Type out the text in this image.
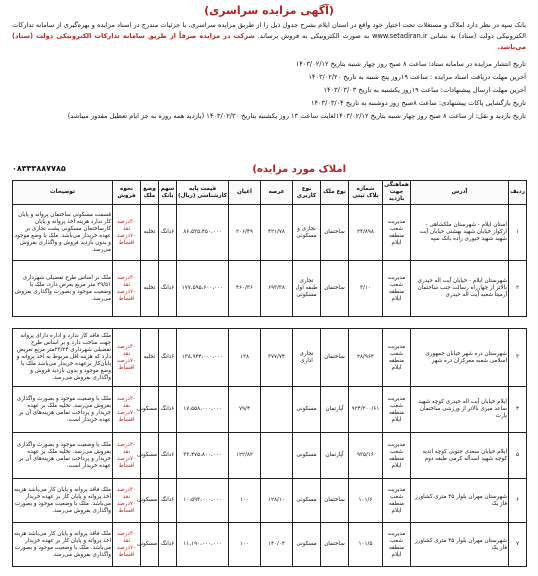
(آگهی مزایده سراسری)
بانک سپه در نظر دارد املاک و مستغلات تحت اختیار خود واقع در استان ایلام بشرح جدول ذیل را از طریق مزایده سراسری، با جزئیات مندرج در اسناد مزایده و بهره‌گیری از سامانه تدارکات الکترونیکی دولت (ستاد) به نشانی www.setadiran.ir به صورت الکترونیکی به فروش برساند. شرکت در مزایده صرفاً از طریق سامانه تدارکات الکترونیکی دولت (ستاد) می‌باشد.
تاریخ انتشار مزایده در سامانه ستاد: ساعت ۸ صبح روز چهار شنبه بتاریخ ۱۴۰۳/۰۲/۱۲
آخرین مهلت دریافت اسناد مزایده : ساعت ۱۹روز پنج شنبه به تاریخ ۱۴۰۳/۰۲/۲۰
آخرین مهلت ارسال پیشنهادات: ساعت ۱۹روز یکشنبه به تاریخ ۱۴۰۳/۰۳/۰۳
تاریخ بازگشایی پاکات پیشنهادی: ساعت ۸صبح روز دوشنبه به تاریخ ۱۴۰۳/۰۳/۰۴
تاریخ بازدید و نقل: از ساعت ۸ صبح روز چهار شنبه بتاریخ ۱۴۰۳/۰۲/۱۲لغایت ساعت ۱۳ روز یکشنبه بتاریخ ۱۴۰۳/۰۲/۳۰ (بازدید همه روزه به جز ایام تعطیل مقدور میباشد)
املاک مورد مزایده)
۰۸۳۳۳۸۸۷۷۸۵
ردیف	آدرس	هماهنگی جهت بازدید	شماره پلاک ثبتی	نوع ملک	نوع کاربری	عرصه	اعیان	قیمت پایه کارشناسی (ریال)	سهم بانک	وضع ملک	نحوه فروش	توضیحات
۱	استان ایلام - شهرستان ملکشاهی - ارکواز خیابان شهید بهشتی خیابان آیت شهید شهید خیوری زاده بانک سپه	مدیریت شعب منطقه ایلام	۲۴/۸۹۸	ساختمان	تجاری و مسکونی	۴۲۱/۷۸	۲۰۶/۴۹	۸۶،۵۳۵،۴۵۰،۰۰۰	۶دانگ	تخلیه	۳۰درصد نقد ۷۰درصد اقساط	قسمت مسکونی ساختمان پروانه و پایان کار ندارد هزینه اخذ پروانه و پایان کارساختمان مسکونی پشت تجاری بر عهده خریدار می‌باشد. ملک با وضع موجود و بدون بازدید فروش و واگذاری بفروش می‌رسد.
۲	شهرستان ایلام - خیابان آیت اله حیدری بالاتر از چهارراه رسالت جنب ساختمان آرمیتا شعبه آیت اله حیدری	مدیریت شعب منطقه ایلام	۳/۱۰	ساختمان	تجاری طبقه اول مسکونی	۶۹۳/۳۸	۴۶۰/۳۶	۱۷۷،۵۹۵،۶۰۰،۰۰۰	۶دانگ	تخلیه	۳۰درصد نقد ۷۰درصد اقساط	ملک بر اساس طرح تفضیلی شهرداری ۲۹/۵۱ متر مربع بعرض دارد، ملک با وضعیت موجود و بصورت واگذاری بفروش می‌رسد.
۳	شهرستان دره شهر خیابان جمهوری اسلامی شعبه معرکزان دره شهر	مدیریت شعب منطقه ایلام	۲۸/۹۶۴	ساختمان	تجاری اداری	۳۷۷/۷۴	۱۲۸	۱۳۸،۹۴۴،۰۰۰،۰۰۰	۶دانگ	تخلیه	۳۰درصد نقد ۷۰درصد اقساط	ملک فاقد کار ندارد و اداره دارای پروانه جهت ساخت دارد و بر اساس طرح تفضیلی شهرداری ۲۳/۲۴متر مربع تعریض دارد که هزینه اقل مربوط به اخذ پروانه و پایان‌کار برعهده خریدار می‌باشد ملک با وضع موجود و بدون بازدید فروش و واگذاری بفروش می‌رسد.
۴	ایلام خیابان آیت اله حیدری کوچه شهید ساعد میری بالاتر از ورزشی ساختمان پارت	مدیریت شعب منطقه ایلام	۹۳۴/۳۰۰/۶۱	آپارتمان	مسکونی		۷۹/۴	۱۷،۵۵۸،۰۰۰،۰۰۰	۶دانگ	مسکونی	۳۰درصد نقد ۷۰درصد اقساط	ملک با وضعیت موجود و بصورت واگذاری بفروش می‌رسد. تخلیه ملک بر عهده خریدار و پرداخت تمامی هزینه‌های آن بر عهده خریدار است.
۵	ایلام خیابان سعدی جنوبی کوچه اندیه کوچه شهید اسدآله کرمی طبقه دوم	مدیریت شعب منطقه ایلام	۹۳۵/۱۶	آپارتمان	مسکونی		۱۲۲/۸۲	۳۳،۴۷۵،۸۰۰،۰۰۰	۶دانگ	مسکونی	۳۰درصد نقد ۷۰درصد اقساط	ملک با وضعیت موجود و بصورت واگذاری بفروش می‌رسد. تخلیه ملک بر عهده خریدار و پرداخت تمامی هزینه‌های آن بر عهده خریدار است.
۶	شهرستان مهران بلوار ۴۵ متری کشاورز فاز یک	مدیریت شعب منطقه ایلام	۱۰۱/۶	ساختمان	مسکونی	۱۲۸/۱۰	۱۰۰	۱۰،۵۹۳،۰۰۰،۰۰۰	۶دانگ	مسکونی	۳۰درصد نقد ۷۰درصد اقساط	ملک فاقد پروانه و پایان کار می‌باشد هزینه اخذ پروانه و پایان کار بر عهده خریدار می‌باشد. ملک با وضعیت موجود و بصورت واگذاری بفروش می‌رسد.
۷	شهرستان مهران بلوار ۴۵ متری کشاورز فاز یک	مدیریت شعب منطقه ایلام	۱۰۱/۵	ساختمان	مسکونی	۱۴۰/۰۴	۱۰۰	۱۱،۱۹۰،۰۰۰،۰۰۰	۶دانگ	مسکونی	۳۰درصد نقد ۷۰درصد اقساط	ملک فاقد پروانه و پایان کار می‌باشد هزینه اخذ پروانه و پایان کار بر عهده خریدار می‌باشد. ملک با وضعیت موجود و بصورت واگذاری بفروش می‌رسد.
